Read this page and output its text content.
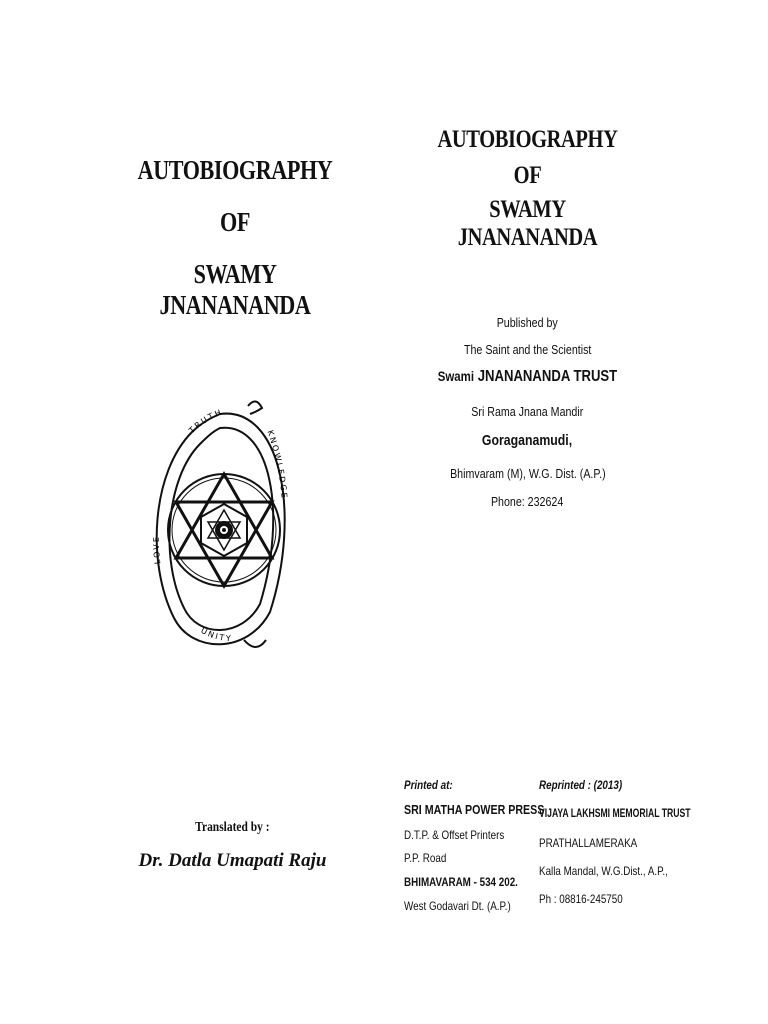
AUTOBIOGRAPHY
OF
SWAMY JNANANANDA
TRUTH
KNOWLEDGE
UNITY
LOVE
Translated by :
Dr. Datla Umapati Raju
AUTOBIOGRAPHY
OF
SWAMY JNANANANDA
Published by
The Saint and the Scientist
Swami JNANANANDA TRUST
Sri Rama Jnana Mandir
Goraganamudi,
Bhimvaram (M), W.G. Dist. (A.P.)
Phone: 232624
Printed at:
SRI MATHA POWER PRESS
D.T.P. & Offset Printers
P.P. Road
BHIMAVARAM - 534 202.
West Godavari Dt. (A.P.)
Reprinted : (2013)
VIJAYA LAKHSMI MEMORIAL TRUST
PRATHALLAMERAKA
Kalla Mandal, W.G.Dist., A.P.,
Ph : 08816-245750
